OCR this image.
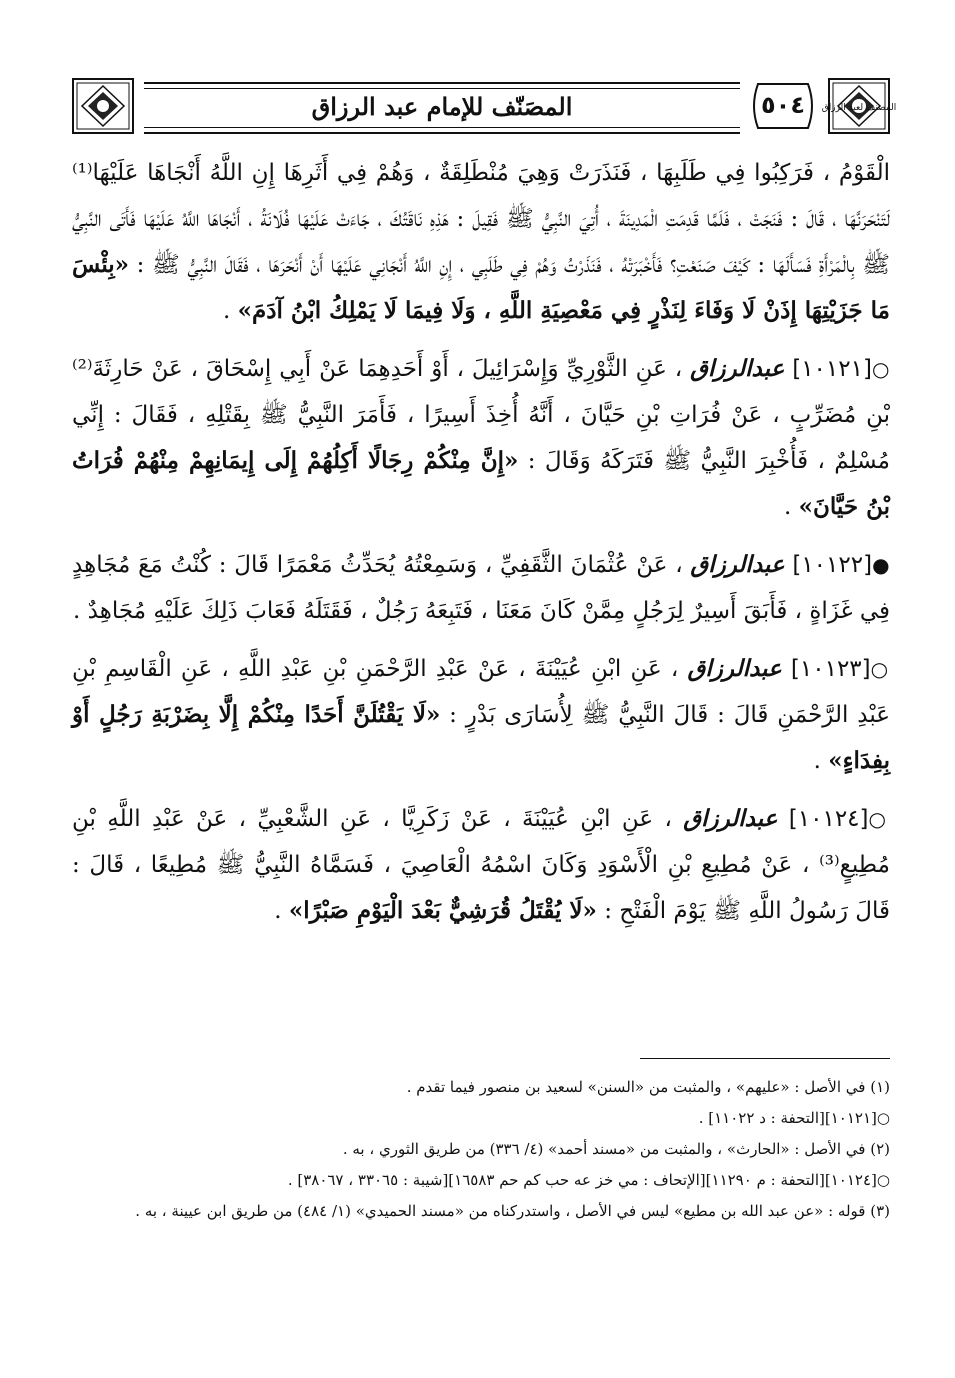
المصنف لعبد الرزاق
٥٠٤
المصَنّف للإمام عبد الرزاق

الْقَوْمُ ، فَرَكِبُوا فِي طَلَبِهَا ، فَنَذَرَتْ وَهِيَ مُنْطَلِقَةٌ ، وَهُمْ فِي أَثَرِهَا إِنِ اللَّهُ أَنْجَاهَا عَلَيْهَا⁽¹⁾ لَتَنْحَرَنَّهَا ، قَالَ : فَنَجَتْ ، فَلَمَّا قَدِمَتِ الْمَدِينَةَ ، أُتِيَ النَّبِيُّ ﷺ فَقِيلَ : هَذِهِ نَاقَتُكَ ، جَاءَتْ عَلَيْهَا فُلَانَةُ ، أَنْجَاهَا اللَّهُ عَلَيْهَا فَأَتَى النَّبِيُّ ﷺ بِالْمَرْأَةِ فَسَأَلَهَا : كَيْفَ صَنَعْتِ؟ فَأَخْبَرَتْهُ ، فَنَذَرْتُ وَهُمْ فِي طَلَبِي ، إِنِ اللَّهُ أَنْجَانِي عَلَيْهَا أَنْ أَنْحَرَهَا ، فَقَالَ النَّبِيُّ ﷺ : «بِئْسَ مَا جَزَيْتِهَا إِذَنْ لَا وَفَاءَ لِنَذْرٍ فِي مَعْصِيَةِ اللَّهِ ، وَلَا فِيمَا لَا يَمْلِكُ ابْنُ آدَمَ» .

○[١٠١٢١] عبدالرزاق ، عَنِ الثَّوْرِيِّ وَإِسْرَائِيلَ ، أَوْ أَحَدِهِمَا عَنْ أَبِي إِسْحَاقَ ، عَنْ حَارِثَةَ⁽²⁾ بْنِ مُضَرِّبٍ ، عَنْ فُرَاتِ بْنِ حَيَّانَ ، أَنَّهُ أُخِذَ أَسِيرًا ، فَأَمَرَ النَّبِيُّ ﷺ بِقَتْلِهِ ، فَقَالَ : إِنِّي مُسْلِمٌ ، فَأُخْبِرَ النَّبِيُّ ﷺ فَتَرَكَهُ وَقَالَ : «إِنَّ مِنْكُمْ رِجَالًا أَكِلُهُمْ إِلَى إِيمَانِهِمْ مِنْهُمْ فُرَاتُ بْنُ حَيَّانَ» .

●[١٠١٢٢] عبدالرزاق ، عَنْ عُثْمَانَ الثَّقَفِيِّ ، وَسَمِعْتُهُ يُحَدِّثُ مَعْمَرًا قَالَ : كُنْتُ مَعَ مُجَاهِدٍ فِي غَزَاةٍ ، فَأَبَقَ أَسِيرٌ لِرَجُلٍ مِمَّنْ كَانَ مَعَنَا ، فَتَبِعَهُ رَجُلٌ ، فَقَتَلَهُ فَعَابَ ذَلِكَ عَلَيْهِ مُجَاهِدٌ .

○[١٠١٢٣] عبدالرزاق ، عَنِ ابْنِ عُيَيْنَةَ ، عَنْ عَبْدِ الرَّحْمَنِ بْنِ عَبْدِ اللَّهِ ، عَنِ الْقَاسِمِ بْنِ عَبْدِ الرَّحْمَنِ قَالَ : قَالَ النَّبِيُّ ﷺ لِأُسَارَى بَدْرٍ : «لَا يَقْتُلَنَّ أَحَدًا مِنْكُمْ إِلَّا بِضَرْبَةِ رَجُلٍ أَوْ بِفِدَاءٍ» .

○[١٠١٢٤] عبدالرزاق ، عَنِ ابْنِ عُيَيْنَةَ ، عَنْ زَكَرِيَّا ، عَنِ الشَّعْبِيِّ ، عَنْ عَبْدِ اللَّهِ بْنِ مُطِيعٍ⁽³⁾ ، عَنْ مُطِيعِ بْنِ الْأَسْوَدِ وَكَانَ اسْمُهُ الْعَاصِيَ ، فَسَمَّاهُ النَّبِيُّ ﷺ مُطِيعًا ، قَالَ : قَالَ رَسُولُ اللَّهِ ﷺ يَوْمَ الْفَتْحِ : «لَا يُقْتَلُ قُرَشِيٌّ بَعْدَ الْيَوْمِ صَبْرًا» .

(١) في الأصل : «عليهم» ، والمثبت من «السنن» لسعيد بن منصور فيما تقدم .

○[١٠١٢١][التحفة : د ١١٠٢٢] .

(٢) في الأصل : «الحارث» ، والمثبت من «مسند أحمد» (٤/ ٣٣٦) من طريق الثوري ، به .

○[١٠١٢٤][التحفة : م ١١٢٩٠][الإتحاف : مي خز عه حب كم حم ١٦٥٨٣][شيبة : ٣٣٠٦٥ ، ٣٨٠٦٧] .

(٣) قوله : «عن عبد الله بن مطيع» ليس في الأصل ، واستدركناه من «مسند الحميدي» (١/ ٤٨٤) من طريق ابن عيينة ، به .
